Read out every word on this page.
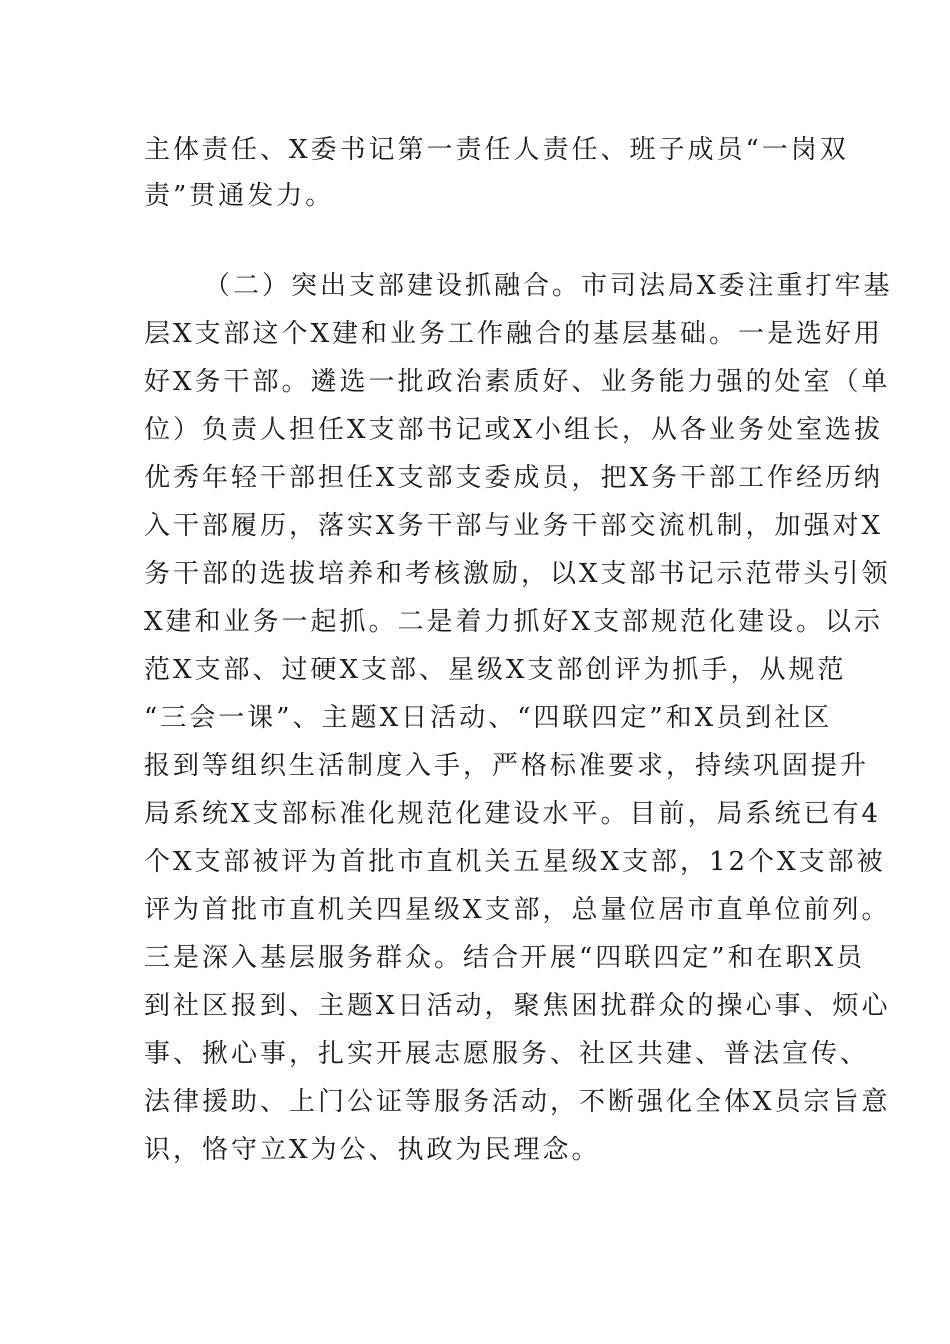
主体责任、X委书记第一责任人责任、班子成员“一岗双

责”贯通发力。

（二）突出支部建设抓融合。市司法局X委注重打牢基

层X支部这个X建和业务工作融合的基层基础。一是选好用

好X务干部。遴选一批政治素质好、业务能力强的处室（单

位）负责人担任X支部书记或X小组长，从各业务处室选拔

优秀年轻干部担任X支部支委成员，把X务干部工作经历纳

入干部履历，落实X务干部与业务干部交流机制，加强对X

务干部的选拔培养和考核激励，以X支部书记示范带头引领

X建和业务一起抓。二是着力抓好X支部规范化建设。以示

范X支部、过硬X支部、星级X支部创评为抓手，从规范

“三会一课”、主题X日活动、“四联四定”和X员到社区

报到等组织生活制度入手，严格标准要求，持续巩固提升

局系统X支部标准化规范化建设水平。目前，局系统已有4

个X支部被评为首批市直机关五星级X支部，12个X支部被

评为首批市直机关四星级X支部，总量位居市直单位前列。

三是深入基层服务群众。结合开展“四联四定”和在职X员

到社区报到、主题X日活动，聚焦困扰群众的操心事、烦心

事、揪心事，扎实开展志愿服务、社区共建、普法宣传、

法律援助、上门公证等服务活动，不断强化全体X员宗旨意

识，恪守立X为公、执政为民理念。
